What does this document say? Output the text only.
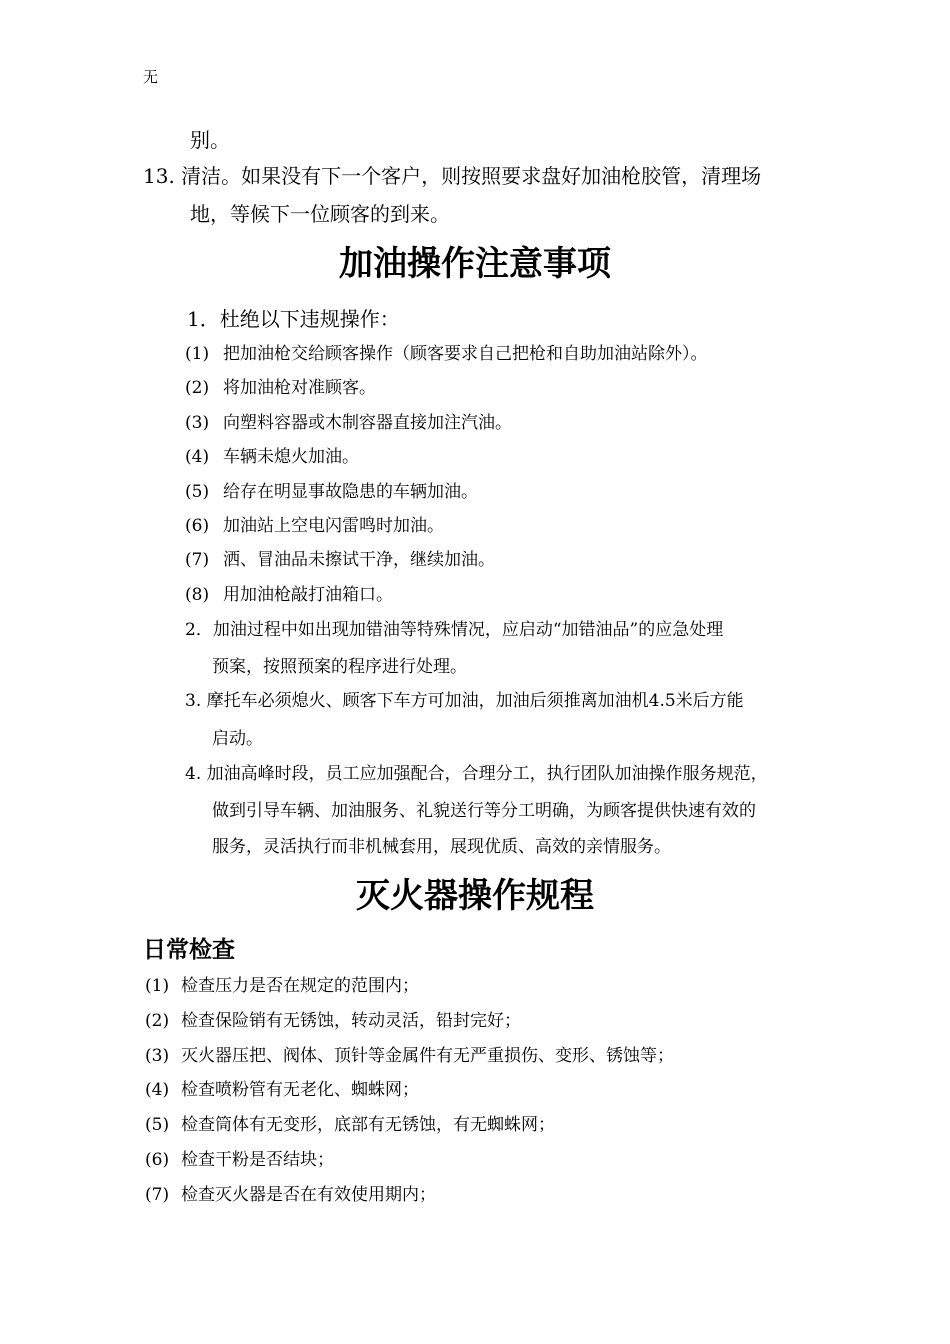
无
别。
13. 清洁。如果没有下一个客户，则按照要求盘好加油枪胶管，清理场
地，等候下一位顾客的到来。
加油操作注意事项
1．杜绝以下违规操作：
(1) 把加油枪交给顾客操作（顾客要求自己把枪和自助加油站除外）。
(2) 将加油枪对准顾客。
(3) 向塑料容器或木制容器直接加注汽油。
(4) 车辆未熄火加油。
(5) 给存在明显事故隐患的车辆加油。
(6) 加油站上空电闪雷鸣时加油。
(7) 洒、冒油品未擦试干净，继续加油。
(8) 用加油枪敲打油箱口。
2．加油过程中如出现加错油等特殊情况，应启动“加错油品”的应急处理
预案，按照预案的程序进行处理。
3. 摩托车必须熄火、顾客下车方可加油，加油后须推离加油机4.5米后方能
启动。
4. 加油高峰时段，员工应加强配合，合理分工，执行团队加油操作服务规范，
做到引导车辆、加油服务、礼貌送行等分工明确，为顾客提供快速有效的
服务，灵活执行而非机械套用，展现优质、高效的亲情服务。
灭火器操作规程
日常检查
(1) 检查压力是否在规定的范围内；
(2) 检查保险销有无锈蚀，转动灵活，铅封完好；
(3) 灭火器压把、阀体、顶针等金属件有无严重损伤、变形、锈蚀等；
(4) 检查喷粉管有无老化、蜘蛛网；
(5) 检查筒体有无变形，底部有无锈蚀，有无蜘蛛网；
(6) 检查干粉是否结块；
(7) 检查灭火器是否在有效使用期内；
